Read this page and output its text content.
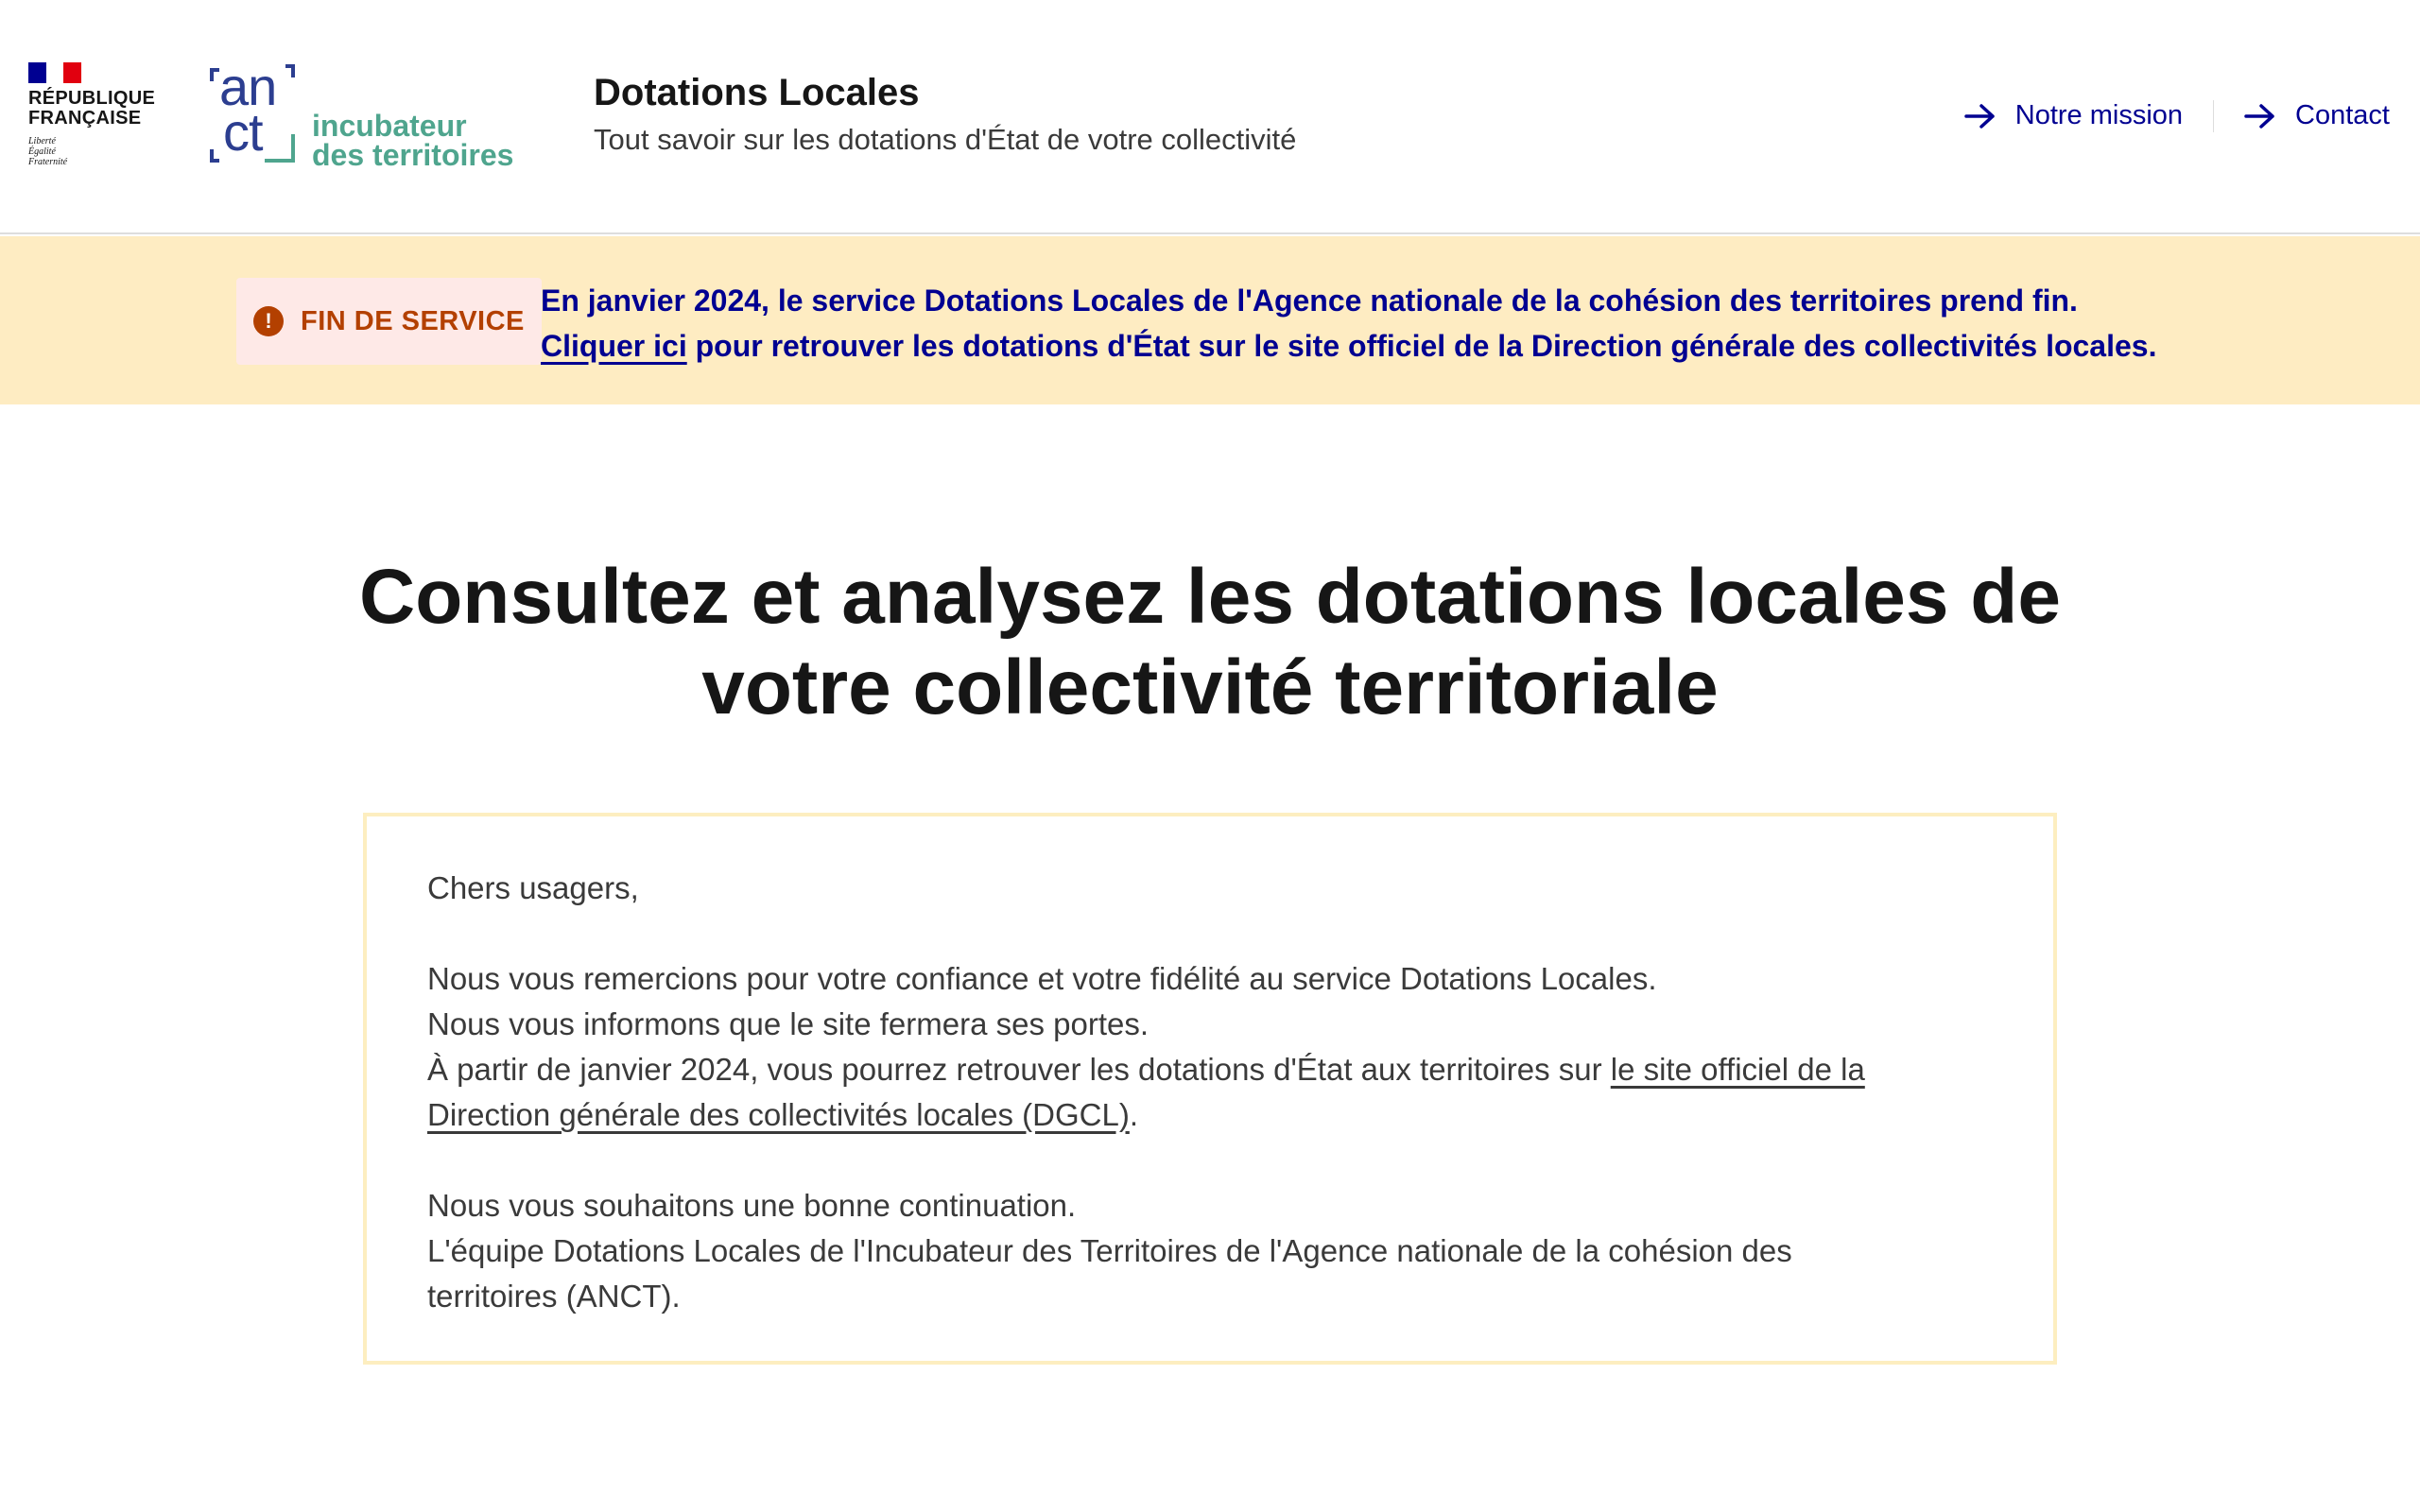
RÉPUBLIQUE
FRANÇAISE
Liberté
Égalité
Fraternité
an
ct incubateur
des territoires
Dotations Locales
Tout savoir sur les dotations d'État de votre collectivité
Notre mission	Contact
!	FIN DE SERVICE
En janvier 2024, le service Dotations Locales de l'Agence nationale de la cohésion des territoires prend fin.
Cliquer ici pour retrouver les dotations d'État sur le site officiel de la Direction générale des collectivités locales.
Consultez et analysez les dotations locales de
votre collectivité territoriale

Chers usagers,

Nous vous remercions pour votre confiance et votre fidélité au service Dotations Locales.

Nous vous informons que le site fermera ses portes.

À partir de janvier 2024, vous pourrez retrouver les dotations d'État aux territoires sur le site officiel de la
Direction générale des collectivités locales (DGCL).

Nous vous souhaitons une bonne continuation.

L'équipe Dotations Locales de l'Incubateur des Territoires de l'Agence nationale de la cohésion des

territoires (ANCT).
